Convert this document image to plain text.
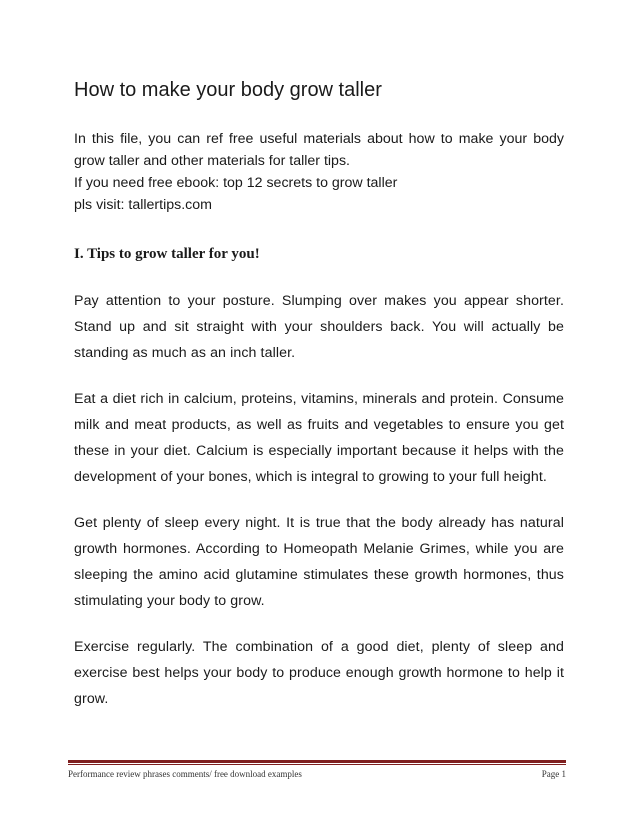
How to make your body grow taller

In this file, you can ref free useful materials about how to make your body grow taller and other materials for taller tips.

If you need free ebook: top 12 secrets to grow taller

pls visit: tallertips.com

I. Tips to grow taller for you!

Pay attention to your posture. Slumping over makes you appear shorter. Stand up and sit straight with your shoulders back. You will actually be standing as much as an inch taller.

Eat a diet rich in calcium, proteins, vitamins, minerals and protein. Consume milk and meat products, as well as fruits and vegetables to ensure you get these in your diet. Calcium is especially important because it helps with the development of your bones, which is integral to growing to your full height.

Get plenty of sleep every night. It is true that the body already has natural growth hormones. According to Homeopath Melanie Grimes, while you are sleeping the amino acid glutamine stimulates these growth hormones, thus stimulating your body to grow.

Exercise regularly. The combination of a good diet, plenty of sleep and exercise best helps your body to produce enough growth hormone to help it grow.

Performance review phrases comments/ free download examples	Page 1
